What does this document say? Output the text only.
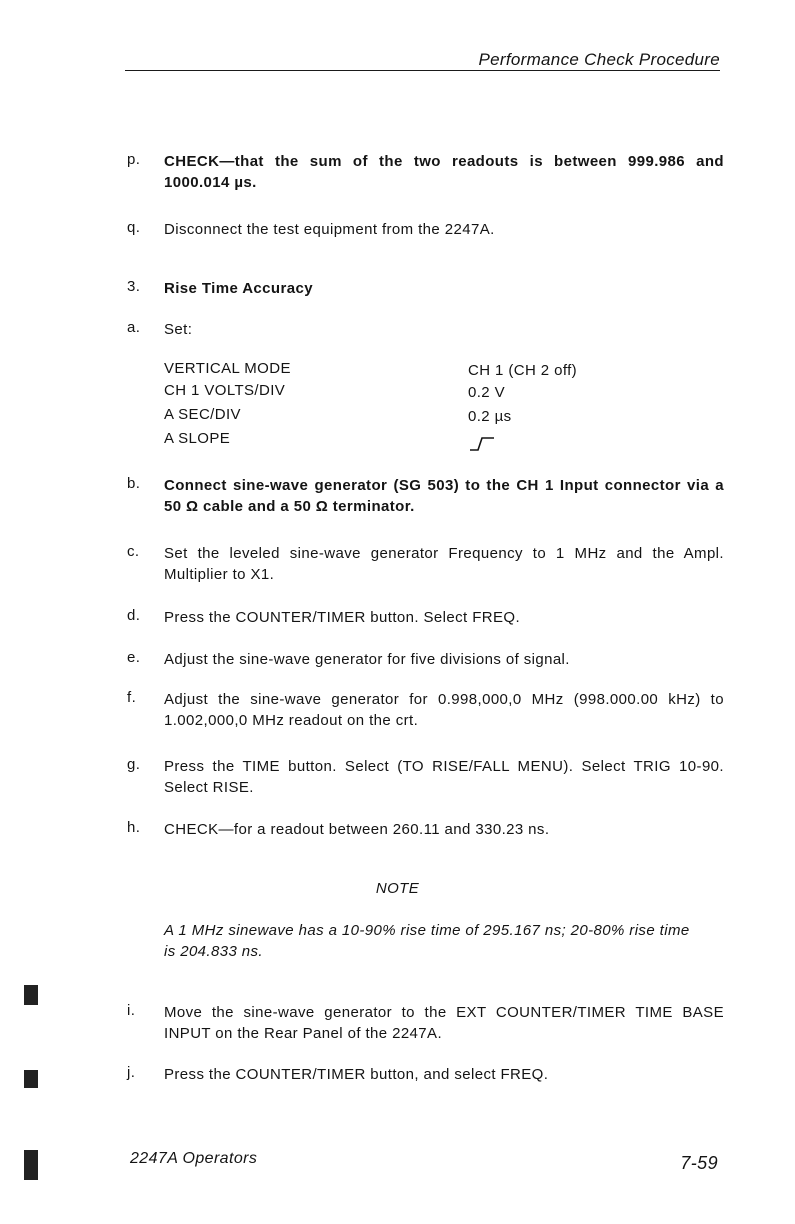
Performance Check Procedure
p. CHECK—that the sum of the two readouts is between 999.986 and 1000.014 µs.
q. Disconnect the test equipment from the 2247A.
3. Rise Time Accuracy
a. Set:
VERTICAL MODE	CH 1 (CH 2 off)
CH 1 VOLTS/DIV	0.2 V
A SEC/DIV	0.2 µs
A SLOPE
b. Connect sine-wave generator (SG 503) to the CH 1 Input connector via a 50 Ω cable and a 50 Ω terminator.
c. Set the leveled sine-wave generator Frequency to 1 MHz and the Ampl. Multiplier to X1.
d. Press the COUNTER/TIMER button. Select FREQ.
e. Adjust the sine-wave generator for five divisions of signal.
f. Adjust the sine-wave generator for 0.998,000,0 MHz (998.000.00 kHz) to 1.002,000,0 MHz readout on the crt.
g. Press the TIME button. Select (TO RISE/FALL MENU). Select TRIG 10-90. Select RISE.
h. CHECK—for a readout between 260.11 and 330.23 ns.
NOTE
A 1 MHz sinewave has a 10-90% rise time of 295.167 ns; 20-80% rise time is 204.833 ns.
i. Move the sine-wave generator to the EXT COUNTER/TIMER TIME BASE INPUT on the Rear Panel of the 2247A.
j. Press the COUNTER/TIMER button, and select FREQ.
2247A Operators	7-59
